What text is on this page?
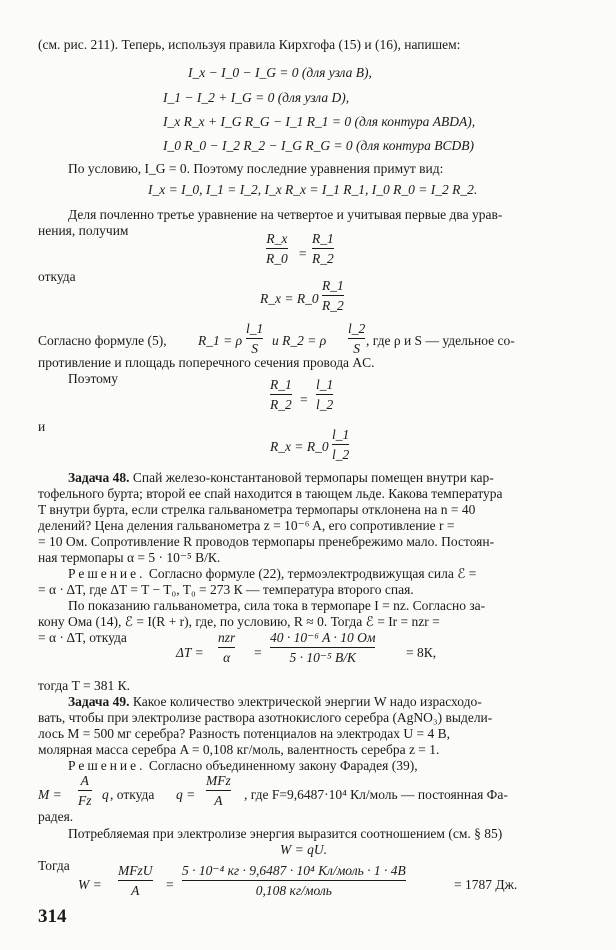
(см. рис. 211). Теперь, используя правила Кирхгофа (15) и (16), напишем:
I_x − I_0 − I_G = 0 (для узла B),
I_1 − I_2 + I_G = 0 (для узла D),
I_x R_x + I_G R_G − I_1 R_1 = 0 (для контура ABDA),
I_0 R_0 − I_2 R_2 − I_G R_G = 0 (для контура BCDB)
По условию, I_G = 0. Поэтому последние уравнения примут вид:
I_x = I_0, I_1 = I_2, I_x R_x = I_1 R_1, I_0 R_0 = I_2 R_2.
Деля почленно третье уравнение на четвертое и учитывая первые два урав-
нения, получим
R_x
R_0 =
R_1
R_2
откуда
R_x = R_0
R_1
R_2
Согласно формуле (5), R_1 = ρ
l_1
S и R_2 = ρ
l_2
S , где ρ и S — удельное со-
противление и площадь поперечного сечения провода AC.
Поэтому	R_1
R_2 =
l_1
l_2
и
R_x = R_0
l_1
l_2
Задача 48. Спай железо-константановой термопары помещен внутри кар-
тофельного бурта; второй ее спай находится в тающем льде. Какова температура
T внутри бурта, если стрелка гальванометра термопары отклонена на n = 40
делений? Цена деления гальванометра z = 10⁻⁶ A, его сопротивление r =
= 10 Ом. Сопротивление R проводов термопары пренебрежимо мало. Постоян-
ная термопары α = 5 · 10⁻⁵ В/К.
Решение. Согласно формуле (22), термоэлектродвижущая сила ℰ =
= α · ΔT, где ΔT = T − T₀, T₀ = 273 К — температура второго спая.
По показанию гальванометра, сила тока в термопаре I = nz. Согласно за-
кону Ома (14), ℰ = I(R + r), где, по условию, R ≈ 0. Тогда ℰ = Ir = nzr =
= α · ΔT, откуда
ΔT =
nzr
α =
40 · 10⁻⁶ A · 10 Ом
5 · 10⁻⁵ В/К	= 8К,
тогда T = 381 К.
Задача 49. Какое количество электрической энергии W надо израсходо-
вать, чтобы при электролизе раствора азотнокислого серебра (AgNO₃) выдели-
лось M = 500 мг серебра? Разность потенциалов на электродах U = 4 В,
молярная масса серебра A = 0,108 кг/моль, валентность серебра z = 1.
Решение. Согласно объединенному закону Фарадея (39),
M =
A
Fz q , откуда q =
MFz
A , где F=9,6487·10⁴ Кл/моль — постоянная Фа-
радея.
Потребляемая при электролизе энергия выразится соотношением (см. § 85)
W = qU.
Тогда
W =
MFzU
A =
5 · 10⁻⁴ кг · 9,6487 · 10⁴ Кл/моль · 1 · 4В
0,108 кг/моль	= 1787 Дж.
314
